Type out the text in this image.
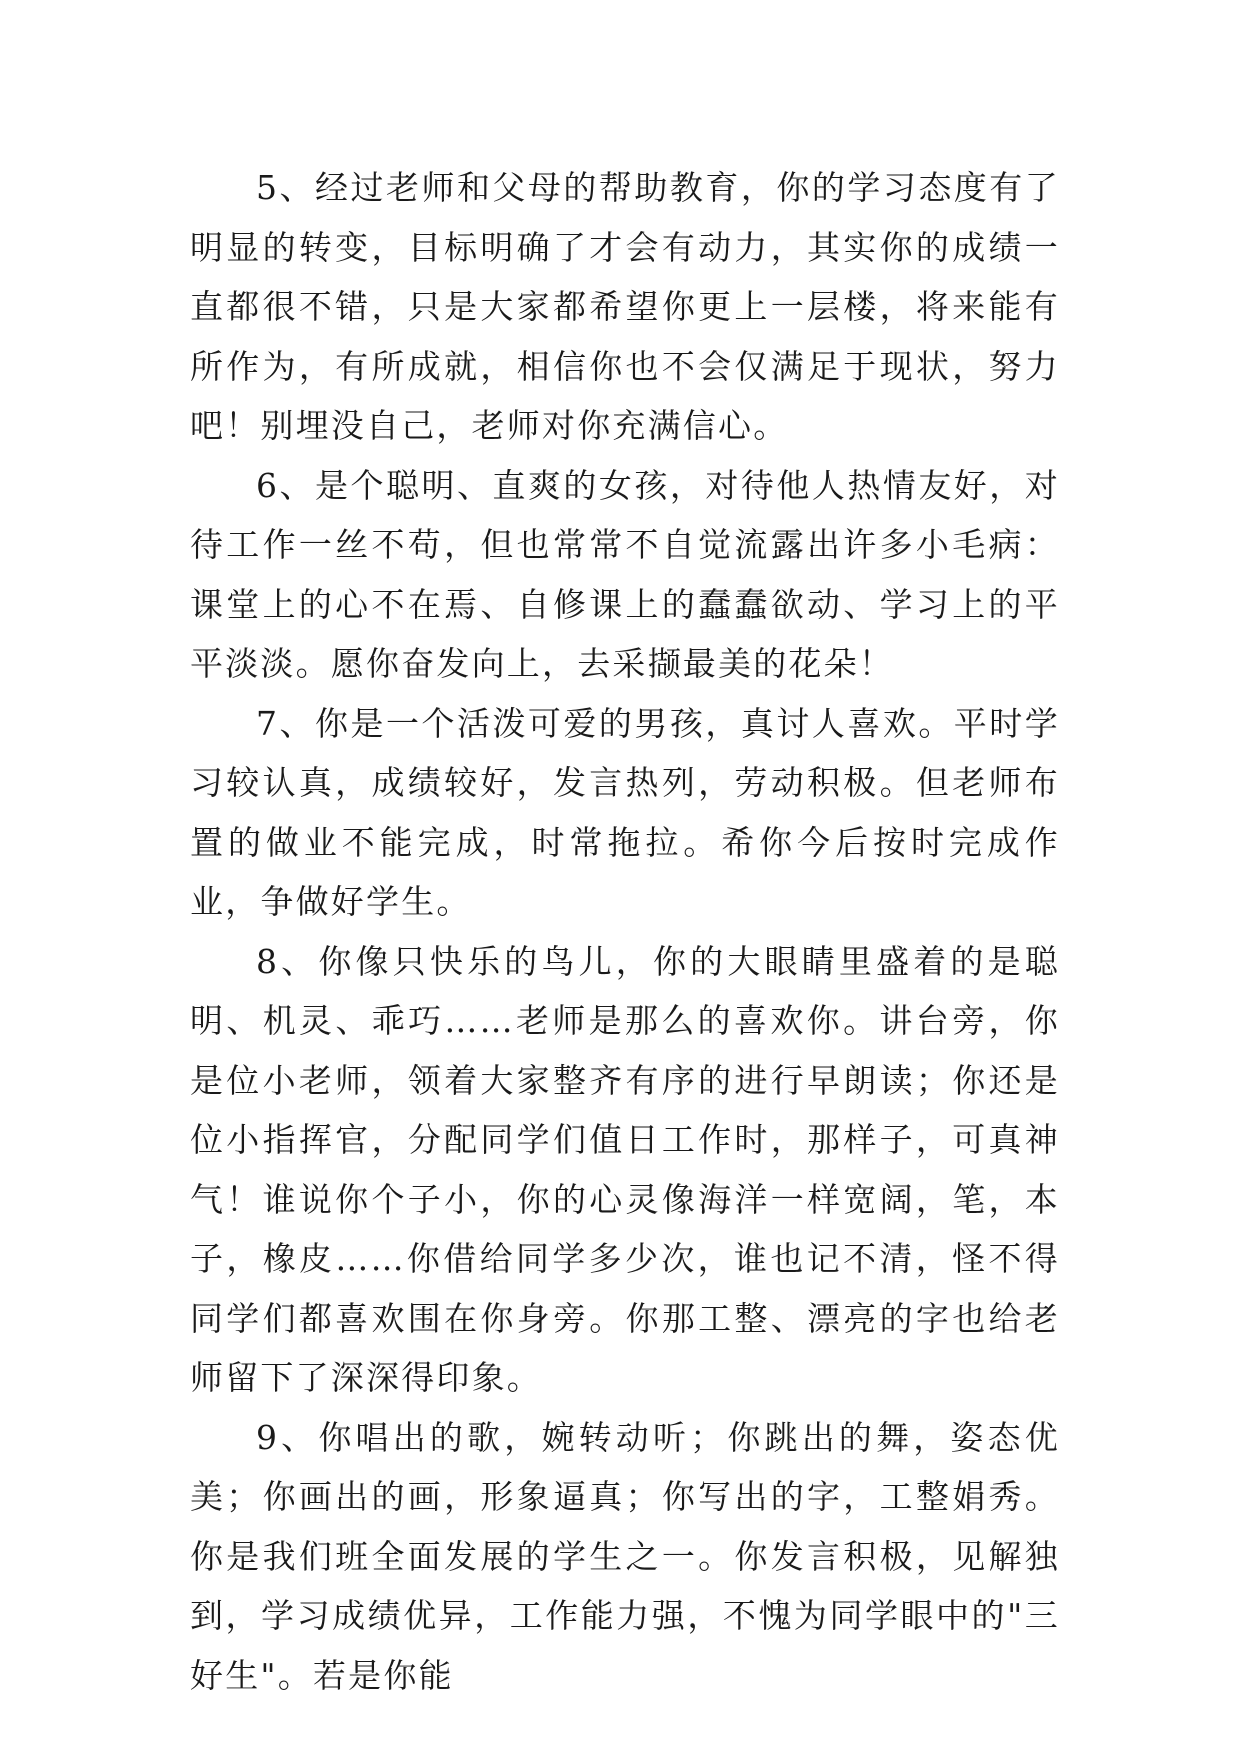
5、经过老师和父母的帮助教育，你的学习态度有了明显的转变，目标明确了才会有动力，其实你的成绩一直都很不错，只是大家都希望你更上一层楼，将来能有所作为，有所成就，相信你也不会仅满足于现状，努力吧！别埋没自己，老师对你充满信心。

6、是个聪明、直爽的女孩，对待他人热情友好，对待工作一丝不苟，但也常常不自觉流露出许多小毛病：课堂上的心不在焉、自修课上的蠢蠢欲动、学习上的平平淡淡。愿你奋发向上，去采撷最美的花朵！

7、你是一个活泼可爱的男孩，真讨人喜欢。平时学习较认真，成绩较好，发言热列，劳动积极。但老师布置的做业不能完成，时常拖拉。希你今后按时完成作业，争做好学生。

8、你像只快乐的鸟儿，你的大眼睛里盛着的是聪明、机灵、乖巧……老师是那么的喜欢你。讲台旁，你是位小老师，领着大家整齐有序的进行早朗读；你还是位小指挥官，分配同学们值日工作时，那样子，可真神气！谁说你个子小，你的心灵像海洋一样宽阔，笔，本子，橡皮……你借给同学多少次，谁也记不清，怪不得同学们都喜欢围在你身旁。你那工整、漂亮的字也给老师留下了深深得印象。

9、你唱出的歌，婉转动听；你跳出的舞，姿态优美；你画出的画，形象逼真；你写出的字，工整娟秀。你是我们班全面发展的学生之一。你发言积极，见解独到，学习成绩优异，工作能力强，不愧为同学眼中的"三好生"。若是你能
